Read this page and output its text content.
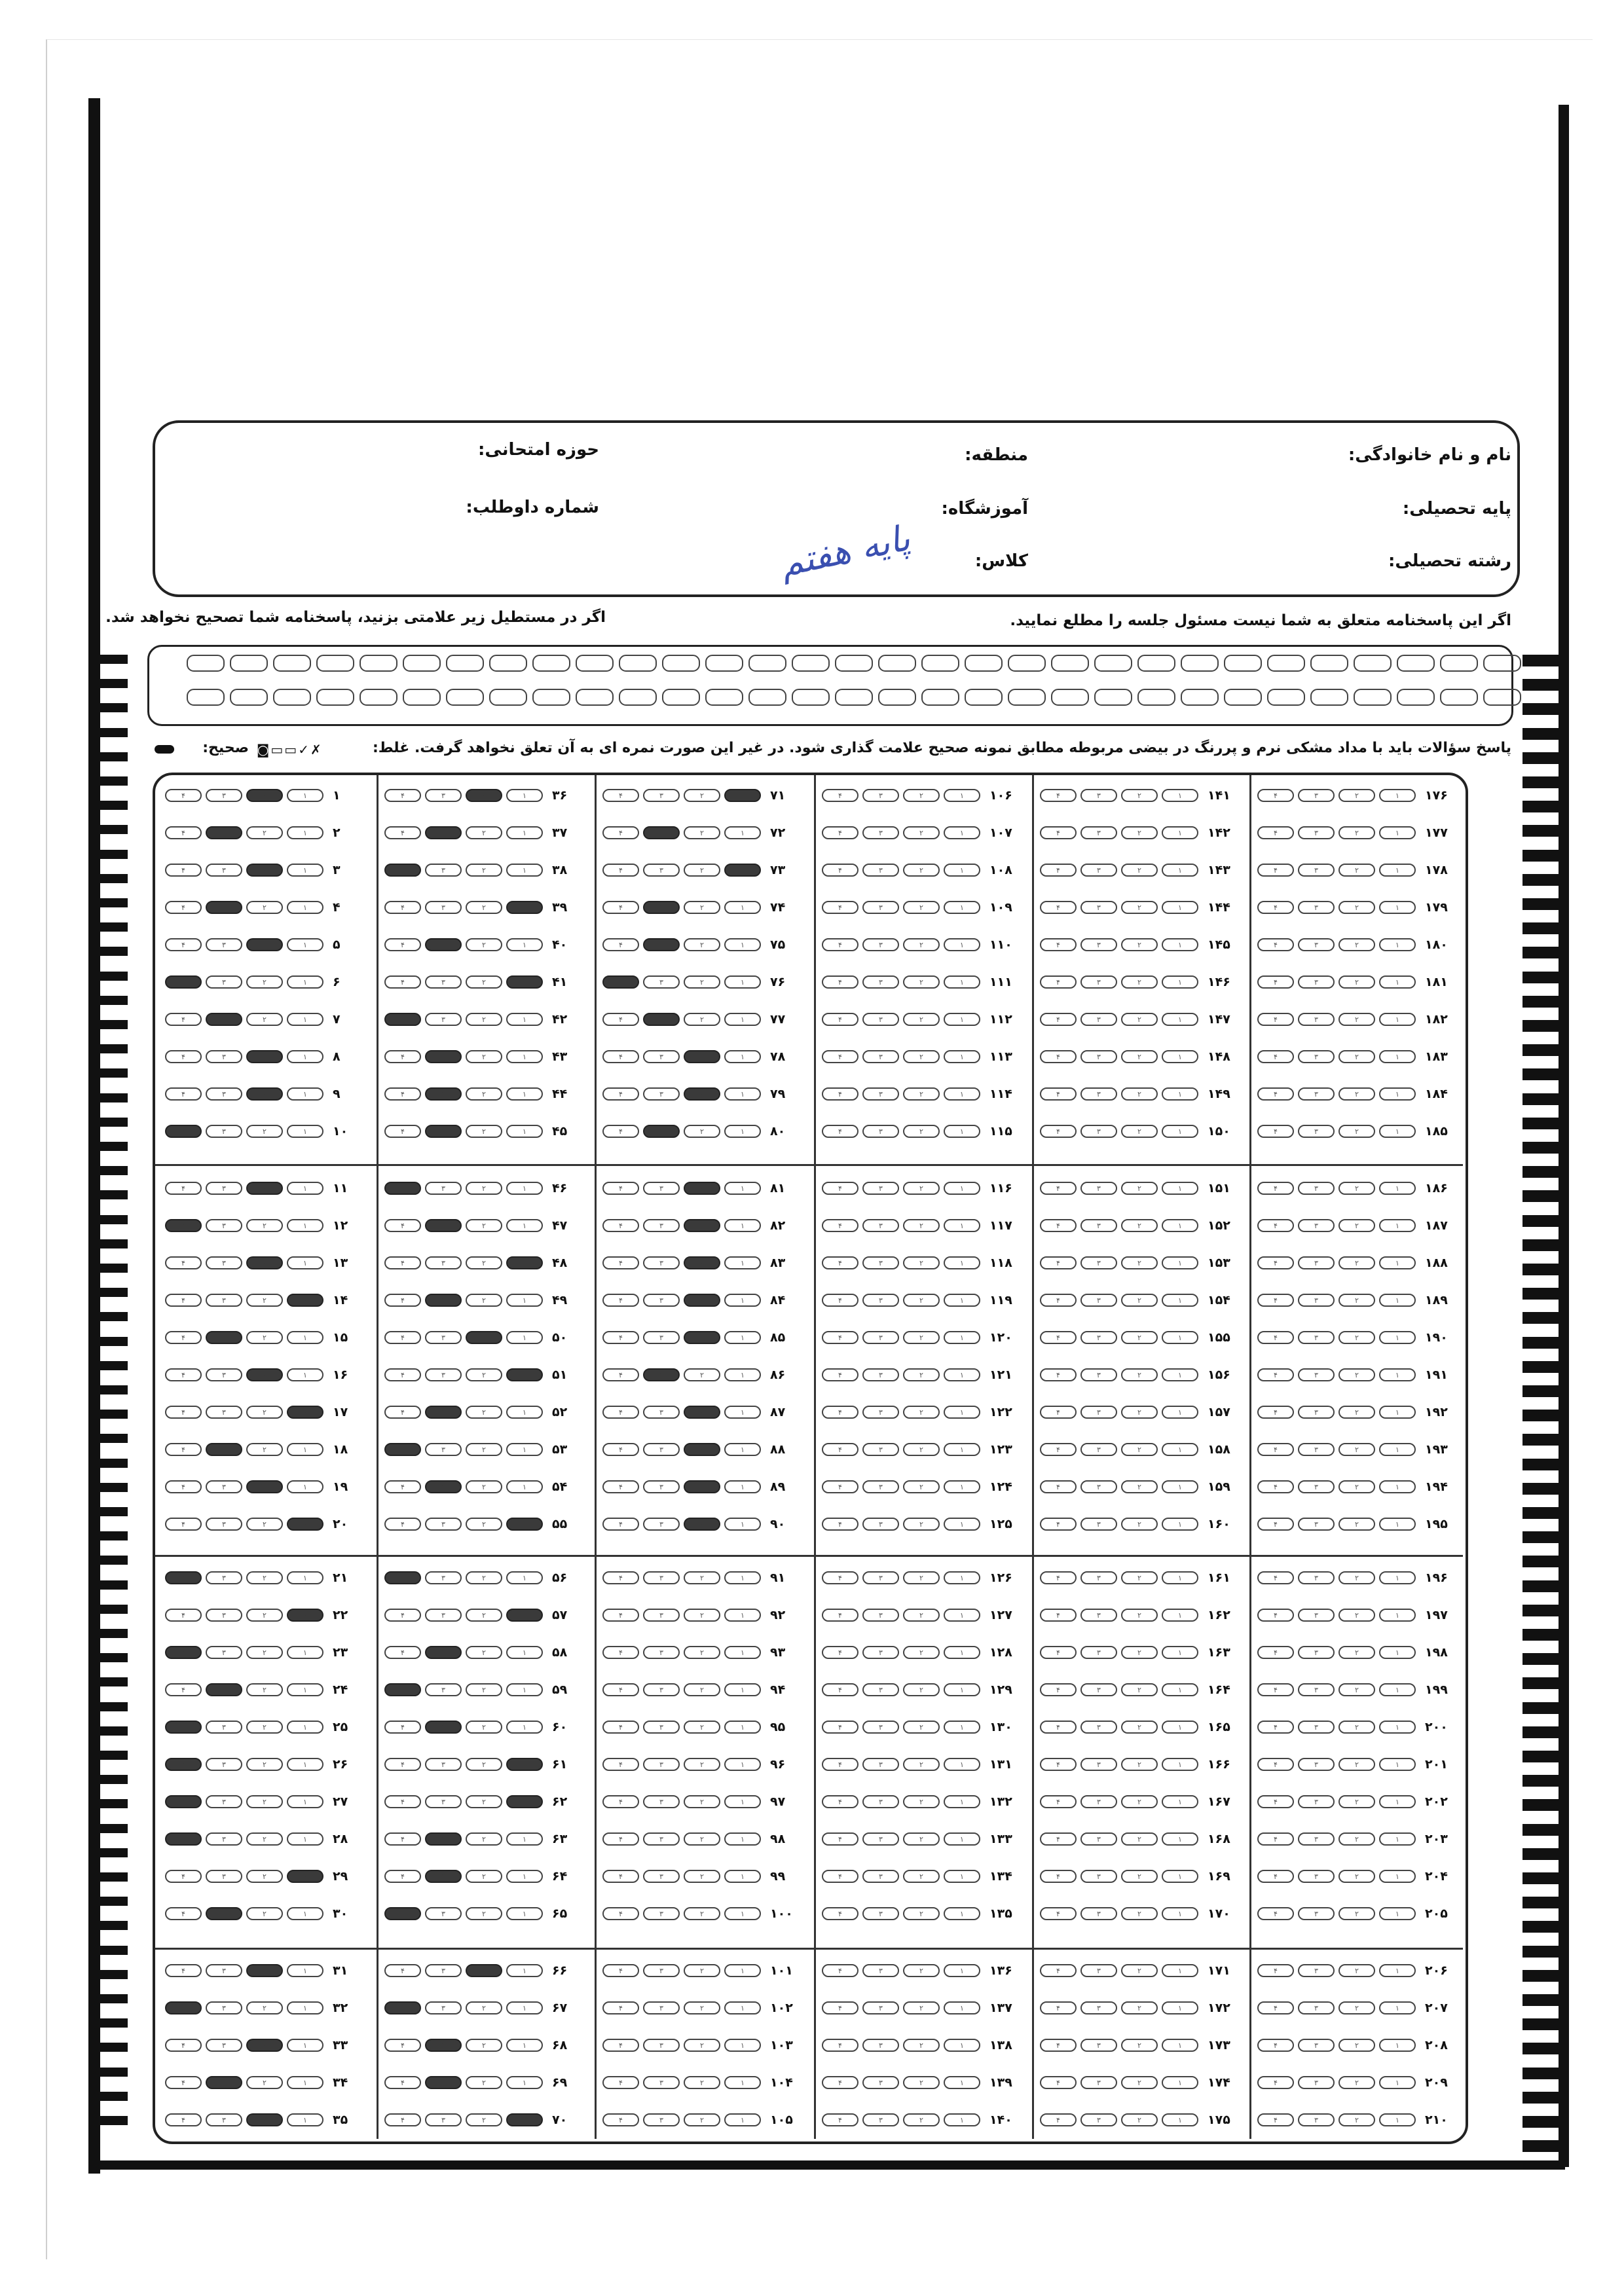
نام و نام خانوادگی:
منطقه:
حوزه امتحانی:
پایه تحصیلی:
آموزشگاه:
شماره داوطلب:
رشته تحصیلی:
کلاس:
پایه هفتم
اگر این پاسخنامه متعلق به شما نیست مسئول جلسه را مطلع نمایید.
اگر در مستطیل زیر علامتی بزنید، پاسخنامه شما تصحیح نخواهد شد.
پاسخ سؤالات باید با مداد مشکی نرم و پررنگ در بیضی مربوطه مطابق نمونه صحیح علامت گذاری شود. در غیر این صورت نمره ای به آن تعلق نخواهد گرفت. غلط:
صحیح: ◙▭▭✓✗
۴	۳	۲	۱	۱
۴	۳	۲	۱	۲
۴	۳	۲	۱	۳
۴	۳	۲	۱	۴
۴	۳	۲	۱	۵
۴	۳	۲	۱	۶
۴	۳	۲	۱	۷
۴	۳	۲	۱	۸
۴	۳	۲	۱	۹
۴	۳	۲	۱	۱۰
۴	۳	۲	۱	۱۱
۴	۳	۲	۱	۱۲
۴	۳	۲	۱	۱۳
۴	۳	۲	۱	۱۴
۴	۳	۲	۱	۱۵
۴	۳	۲	۱	۱۶
۴	۳	۲	۱	۱۷
۴	۳	۲	۱	۱۸
۴	۳	۲	۱	۱۹
۴	۳	۲	۱	۲۰
۴	۳	۲	۱	۲۱
۴	۳	۲	۱	۲۲
۴	۳	۲	۱	۲۳
۴	۳	۲	۱	۲۴
۴	۳	۲	۱	۲۵
۴	۳	۲	۱	۲۶
۴	۳	۲	۱	۲۷
۴	۳	۲	۱	۲۸
۴	۳	۲	۱	۲۹
۴	۳	۲	۱	۳۰
۴	۳	۲	۱	۳۱
۴	۳	۲	۱	۳۲
۴	۳	۲	۱	۳۳
۴	۳	۲	۱	۳۴
۴	۳	۲	۱	۳۵
۴	۳	۲	۱	۳۶
۴	۳	۲	۱	۳۷
۴	۳	۲	۱	۳۸
۴	۳	۲	۱	۳۹
۴	۳	۲	۱	۴۰
۴	۳	۲	۱	۴۱
۴	۳	۲	۱	۴۲
۴	۳	۲	۱	۴۳
۴	۳	۲	۱	۴۴
۴	۳	۲	۱	۴۵
۴	۳	۲	۱	۴۶
۴	۳	۲	۱	۴۷
۴	۳	۲	۱	۴۸
۴	۳	۲	۱	۴۹
۴	۳	۲	۱	۵۰
۴	۳	۲	۱	۵۱
۴	۳	۲	۱	۵۲
۴	۳	۲	۱	۵۳
۴	۳	۲	۱	۵۴
۴	۳	۲	۱	۵۵
۴	۳	۲	۱	۵۶
۴	۳	۲	۱	۵۷
۴	۳	۲	۱	۵۸
۴	۳	۲	۱	۵۹
۴	۳	۲	۱	۶۰
۴	۳	۲	۱	۶۱
۴	۳	۲	۱	۶۲
۴	۳	۲	۱	۶۳
۴	۳	۲	۱	۶۴
۴	۳	۲	۱	۶۵
۴	۳	۲	۱	۶۶
۴	۳	۲	۱	۶۷
۴	۳	۲	۱	۶۸
۴	۳	۲	۱	۶۹
۴	۳	۲	۱	۷۰
۴	۳	۲	۱	۷۱
۴	۳	۲	۱	۷۲
۴	۳	۲	۱	۷۳
۴	۳	۲	۱	۷۴
۴	۳	۲	۱	۷۵
۴	۳	۲	۱	۷۶
۴	۳	۲	۱	۷۷
۴	۳	۲	۱	۷۸
۴	۳	۲	۱	۷۹
۴	۳	۲	۱	۸۰
۴	۳	۲	۱	۸۱
۴	۳	۲	۱	۸۲
۴	۳	۲	۱	۸۳
۴	۳	۲	۱	۸۴
۴	۳	۲	۱	۸۵
۴	۳	۲	۱	۸۶
۴	۳	۲	۱	۸۷
۴	۳	۲	۱	۸۸
۴	۳	۲	۱	۸۹
۴	۳	۲	۱	۹۰
۴	۳	۲	۱	۹۱
۴	۳	۲	۱	۹۲
۴	۳	۲	۱	۹۳
۴	۳	۲	۱	۹۴
۴	۳	۲	۱	۹۵
۴	۳	۲	۱	۹۶
۴	۳	۲	۱	۹۷
۴	۳	۲	۱	۹۸
۴	۳	۲	۱	۹۹
۴	۳	۲	۱	۱۰۰
۴	۳	۲	۱	۱۰۱
۴	۳	۲	۱	۱۰۲
۴	۳	۲	۱	۱۰۳
۴	۳	۲	۱	۱۰۴
۴	۳	۲	۱	۱۰۵
۴	۳	۲	۱	۱۰۶
۴	۳	۲	۱	۱۰۷
۴	۳	۲	۱	۱۰۸
۴	۳	۲	۱	۱۰۹
۴	۳	۲	۱	۱۱۰
۴	۳	۲	۱	۱۱۱
۴	۳	۲	۱	۱۱۲
۴	۳	۲	۱	۱۱۳
۴	۳	۲	۱	۱۱۴
۴	۳	۲	۱	۱۱۵
۴	۳	۲	۱	۱۱۶
۴	۳	۲	۱	۱۱۷
۴	۳	۲	۱	۱۱۸
۴	۳	۲	۱	۱۱۹
۴	۳	۲	۱	۱۲۰
۴	۳	۲	۱	۱۲۱
۴	۳	۲	۱	۱۲۲
۴	۳	۲	۱	۱۲۳
۴	۳	۲	۱	۱۲۴
۴	۳	۲	۱	۱۲۵
۴	۳	۲	۱	۱۲۶
۴	۳	۲	۱	۱۲۷
۴	۳	۲	۱	۱۲۸
۴	۳	۲	۱	۱۲۹
۴	۳	۲	۱	۱۳۰
۴	۳	۲	۱	۱۳۱
۴	۳	۲	۱	۱۳۲
۴	۳	۲	۱	۱۳۳
۴	۳	۲	۱	۱۳۴
۴	۳	۲	۱	۱۳۵
۴	۳	۲	۱	۱۳۶
۴	۳	۲	۱	۱۳۷
۴	۳	۲	۱	۱۳۸
۴	۳	۲	۱	۱۳۹
۴	۳	۲	۱	۱۴۰
۴	۳	۲	۱	۱۴۱
۴	۳	۲	۱	۱۴۲
۴	۳	۲	۱	۱۴۳
۴	۳	۲	۱	۱۴۴
۴	۳	۲	۱	۱۴۵
۴	۳	۲	۱	۱۴۶
۴	۳	۲	۱	۱۴۷
۴	۳	۲	۱	۱۴۸
۴	۳	۲	۱	۱۴۹
۴	۳	۲	۱	۱۵۰
۴	۳	۲	۱	۱۵۱
۴	۳	۲	۱	۱۵۲
۴	۳	۲	۱	۱۵۳
۴	۳	۲	۱	۱۵۴
۴	۳	۲	۱	۱۵۵
۴	۳	۲	۱	۱۵۶
۴	۳	۲	۱	۱۵۷
۴	۳	۲	۱	۱۵۸
۴	۳	۲	۱	۱۵۹
۴	۳	۲	۱	۱۶۰
۴	۳	۲	۱	۱۶۱
۴	۳	۲	۱	۱۶۲
۴	۳	۲	۱	۱۶۳
۴	۳	۲	۱	۱۶۴
۴	۳	۲	۱	۱۶۵
۴	۳	۲	۱	۱۶۶
۴	۳	۲	۱	۱۶۷
۴	۳	۲	۱	۱۶۸
۴	۳	۲	۱	۱۶۹
۴	۳	۲	۱	۱۷۰
۴	۳	۲	۱	۱۷۱
۴	۳	۲	۱	۱۷۲
۴	۳	۲	۱	۱۷۳
۴	۳	۲	۱	۱۷۴
۴	۳	۲	۱	۱۷۵
۴	۳	۲	۱	۱۷۶
۴	۳	۲	۱	۱۷۷
۴	۳	۲	۱	۱۷۸
۴	۳	۲	۱	۱۷۹
۴	۳	۲	۱	۱۸۰
۴	۳	۲	۱	۱۸۱
۴	۳	۲	۱	۱۸۲
۴	۳	۲	۱	۱۸۳
۴	۳	۲	۱	۱۸۴
۴	۳	۲	۱	۱۸۵
۴	۳	۲	۱	۱۸۶
۴	۳	۲	۱	۱۸۷
۴	۳	۲	۱	۱۸۸
۴	۳	۲	۱	۱۸۹
۴	۳	۲	۱	۱۹۰
۴	۳	۲	۱	۱۹۱
۴	۳	۲	۱	۱۹۲
۴	۳	۲	۱	۱۹۳
۴	۳	۲	۱	۱۹۴
۴	۳	۲	۱	۱۹۵
۴	۳	۲	۱	۱۹۶
۴	۳	۲	۱	۱۹۷
۴	۳	۲	۱	۱۹۸
۴	۳	۲	۱	۱۹۹
۴	۳	۲	۱	۲۰۰
۴	۳	۲	۱	۲۰۱
۴	۳	۲	۱	۲۰۲
۴	۳	۲	۱	۲۰۳
۴	۳	۲	۱	۲۰۴
۴	۳	۲	۱	۲۰۵
۴	۳	۲	۱	۲۰۶
۴	۳	۲	۱	۲۰۷
۴	۳	۲	۱	۲۰۸
۴	۳	۲	۱	۲۰۹
۴	۳	۲	۱	۲۱۰
